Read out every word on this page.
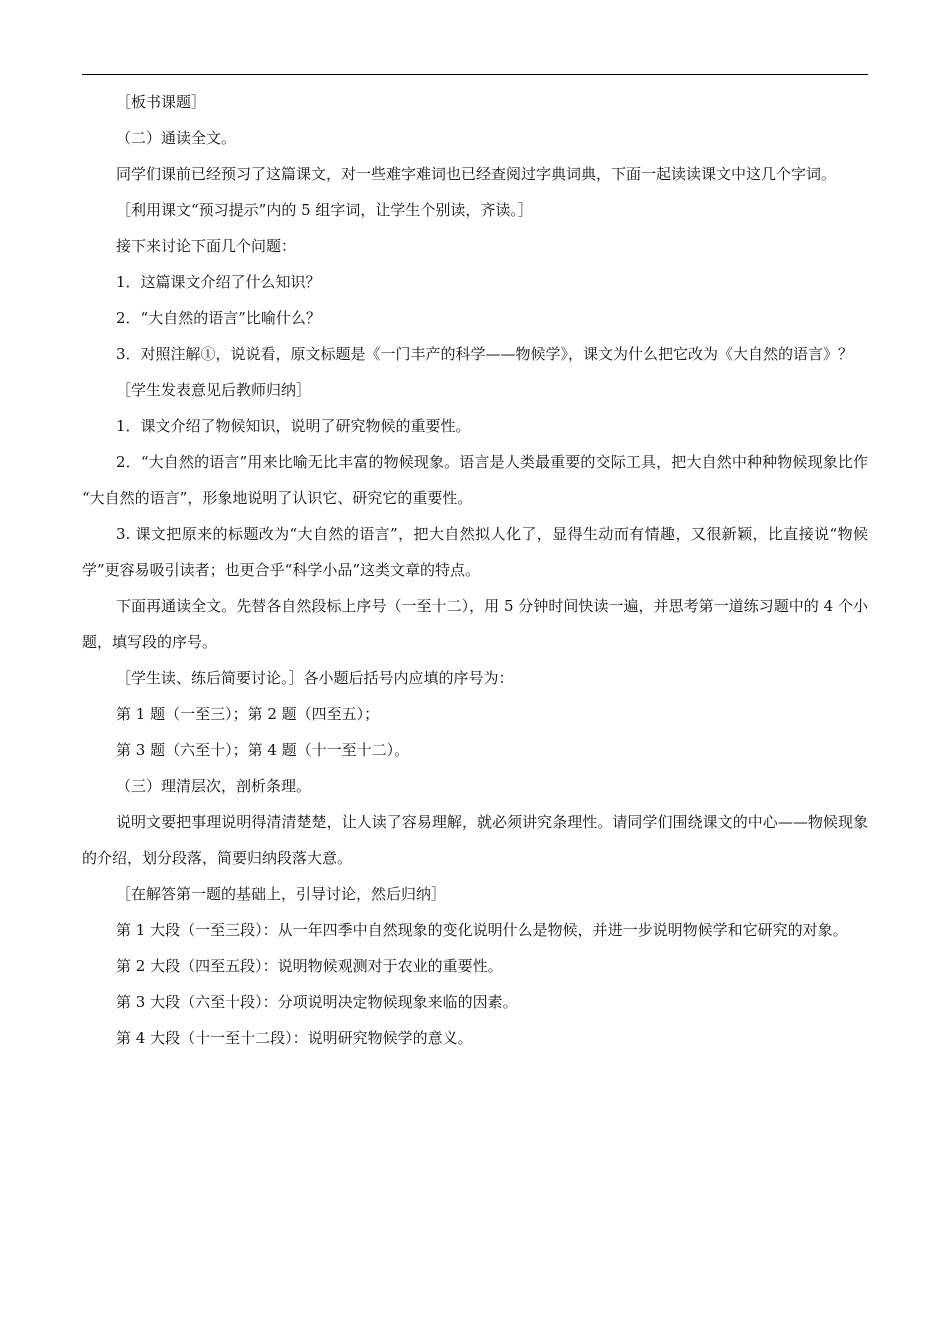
［板书课题］

（二）通读全文。

同学们课前已经预习了这篇课文，对一些难字难词也已经查阅过字典词典，下面一起读读课文中这几个字词。

［利用课文“预习提示”内的 5 组字词，让学生个别读，齐读。］

接下来讨论下面几个问题：

1．这篇课文介绍了什么知识？

2．“大自然的语言”比喻什么？

3．对照注解①，说说看，原文标题是《一门丰产的科学——物候学》，课文为什么把它改为《大自然的语言》？

［学生发表意见后教师归纳］

1．课文介绍了物候知识，说明了研究物候的重要性。

2．“大自然的语言”用来比喻无比丰富的物候现象。语言是人类最重要的交际工具，把大自然中种种物候现象比作 “大自然的语言”，形象地说明了认识它、研究它的重要性。

3. 课文把原来的标题改为“大自然的语言”，把大自然拟人化了，显得生动而有情趣，又很新颖，比直接说“物候学”更容易吸引读者；也更合乎“科学小品”这类文章的特点。

下面再通读全文。先替各自然段标上序号（一至十二），用 5 分钟时间快读一遍，并思考第一道练习题中的 4 个小题，填写段的序号。

［学生读、练后简要讨论。］各小题后括号内应填的序号为：

第 1 题（一至三）；第 2 题（四至五）；

第 3 题（六至十）；第 4 题（十一至十二）。

（三）理清层次，剖析条理。

说明文要把事理说明得清清楚楚，让人读了容易理解，就必须讲究条理性。请同学们围绕课文的中心——物候现象的介绍，划分段落，简要归纳段落大意。

［在解答第一题的基础上，引导讨论，然后归纳］

第 1 大段（一至三段）：从一年四季中自然现象的变化说明什么是物候，并进一步说明物候学和它研究的对象。

第 2 大段（四至五段）：说明物候观测对于农业的重要性。

第 3 大段（六至十段）：分项说明决定物候现象来临的因素。

第 4 大段（十一至十二段）：说明研究物候学的意义。
